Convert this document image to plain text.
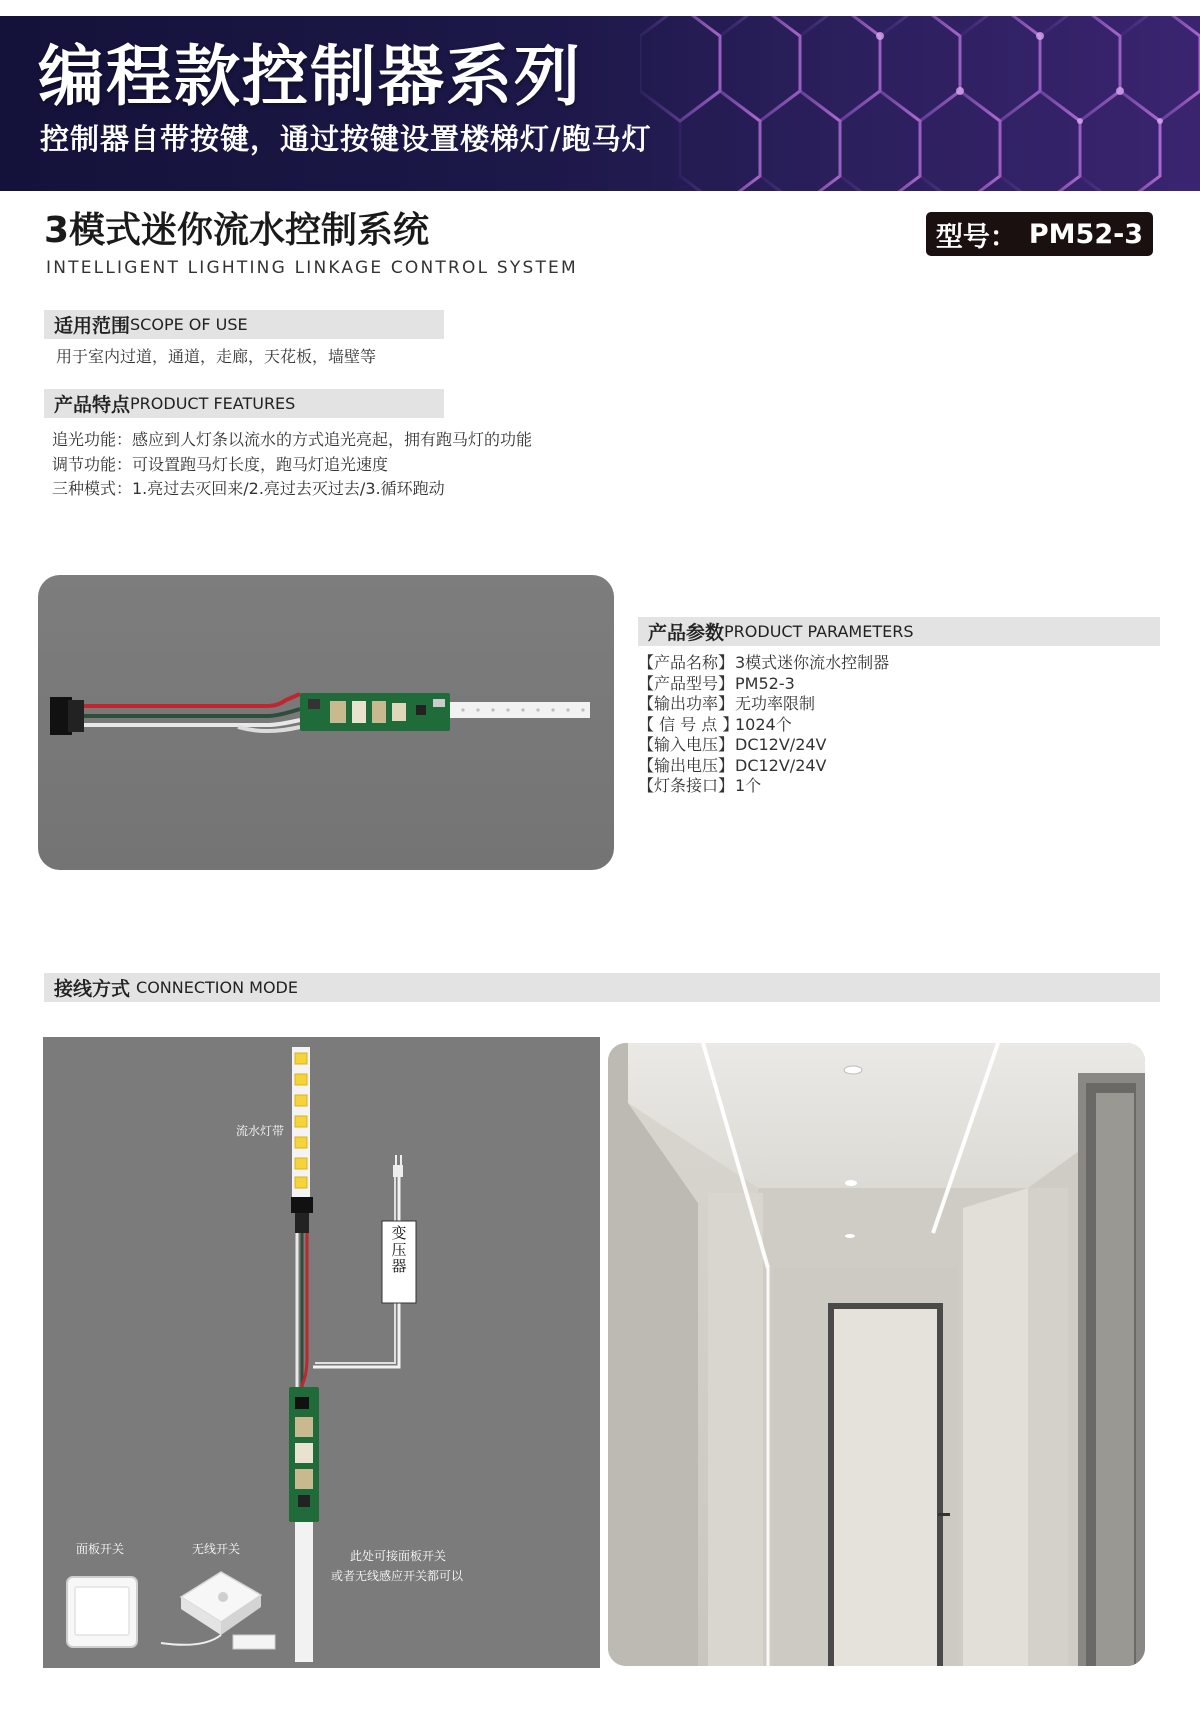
编程款控制器系列
控制器自带按键，通过按键设置楼梯灯/跑马灯
3模式迷你流水控制系统
INTELLIGENT LIGHTING LINKAGE CONTROL SYSTEM
型号： PM52-3
适用范围 SCOPE OF USE
用于室内过道，通道，走廊，天花板，墙壁等
产品特点 PRODUCT FEATURES
追光功能：感应到人灯条以流水的方式追光亮起，拥有跑马灯的功能
调节功能：可设置跑马灯长度，跑马灯追光速度
三种模式：1.亮过去灭回来/2.亮过去灭过去/3.循环跑动
产品参数 PRODUCT PARAMETERS
【产品名称】 3模式迷你流水控制器
【产品型号】 PM52-3
【输出功率】 无功率限制
【 信 号 点 】
1024个
【输入电压】 DC12V/24V
【输出电压】 DC12V/24V
【灯条接口】 1个
接线方式 CONNECTION MODE
流水灯带
变压器
面板开关	无线开关	此处可接面板开关
或者无线感应开关都可以
